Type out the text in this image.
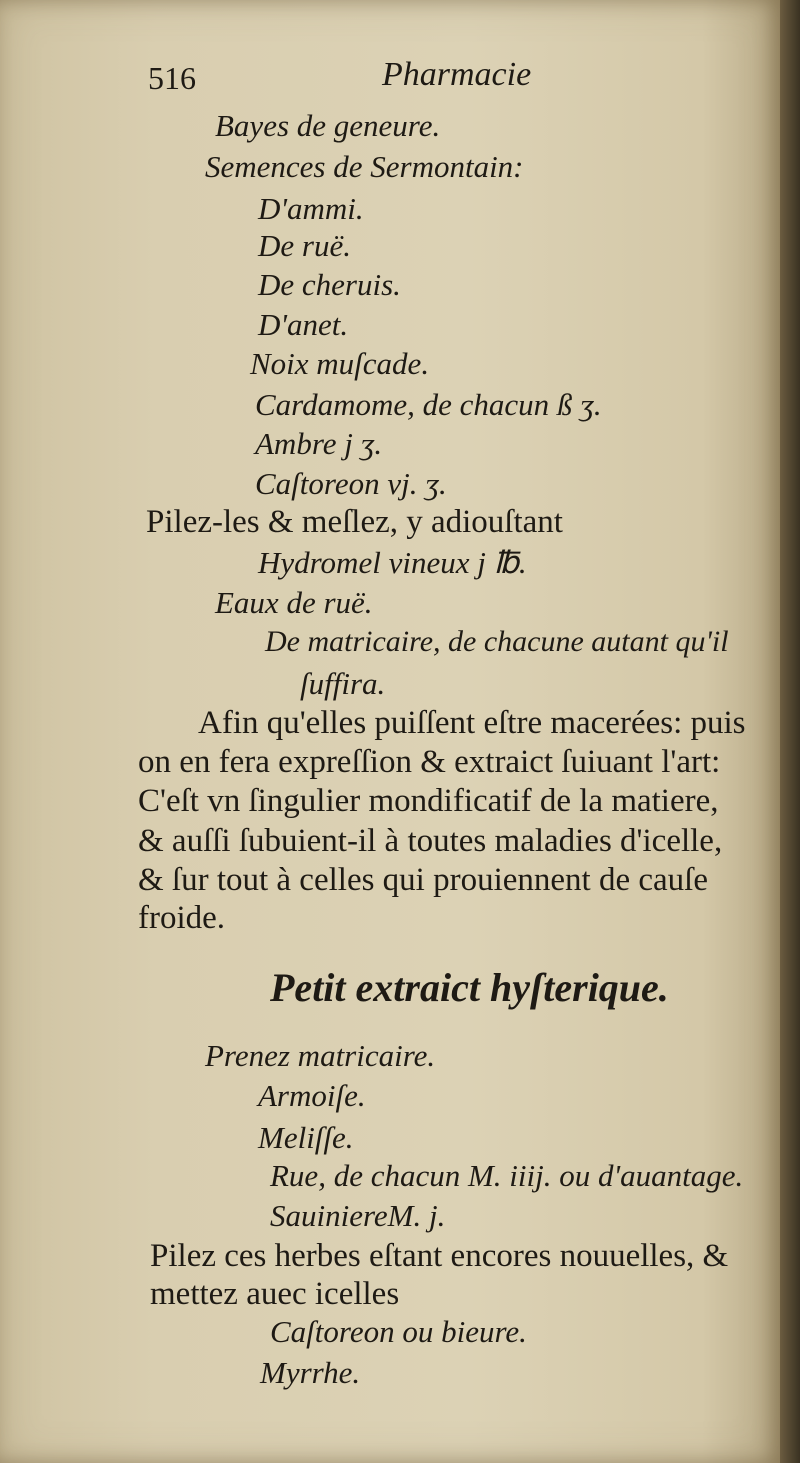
516	Pharmacie
Bayes de geneure.
Semences de Sermontain:
D'ammi.
De ruë.
De cheruis.
D'anet.
Noix muſcade.
Cardamome, de chacun ß ʒ.
Ambre j ʒ.
Caſtoreon vj. ʒ.
Pilez-les & meſlez, y adiouſtant
Hydromel vineux j ℔.
Eaux de ruë.
De matricaire, de chacune autant qu'il
ſuffira.
Afin qu'elles puiſſent eſtre macerées: puis
on en fera expreſſion & extraict ſuiuant l'art:
C'eſt vn ſingulier mondificatif de la matiere,
& auſſi ſubuient-il à toutes maladies d'icelle,
& ſur tout à celles qui prouiennent de cauſe
froide.
Petit extraict hyſterique.
Prenez matricaire.
Armoiſe.
Meliſſe.
Rue, de chacun M. iiij. ou d'auantage.
SauiniereM. j.
Pilez ces herbes eſtant encores nouuelles, &
mettez auec icelles
Caſtoreon ou bieure.
Myrrhe.
